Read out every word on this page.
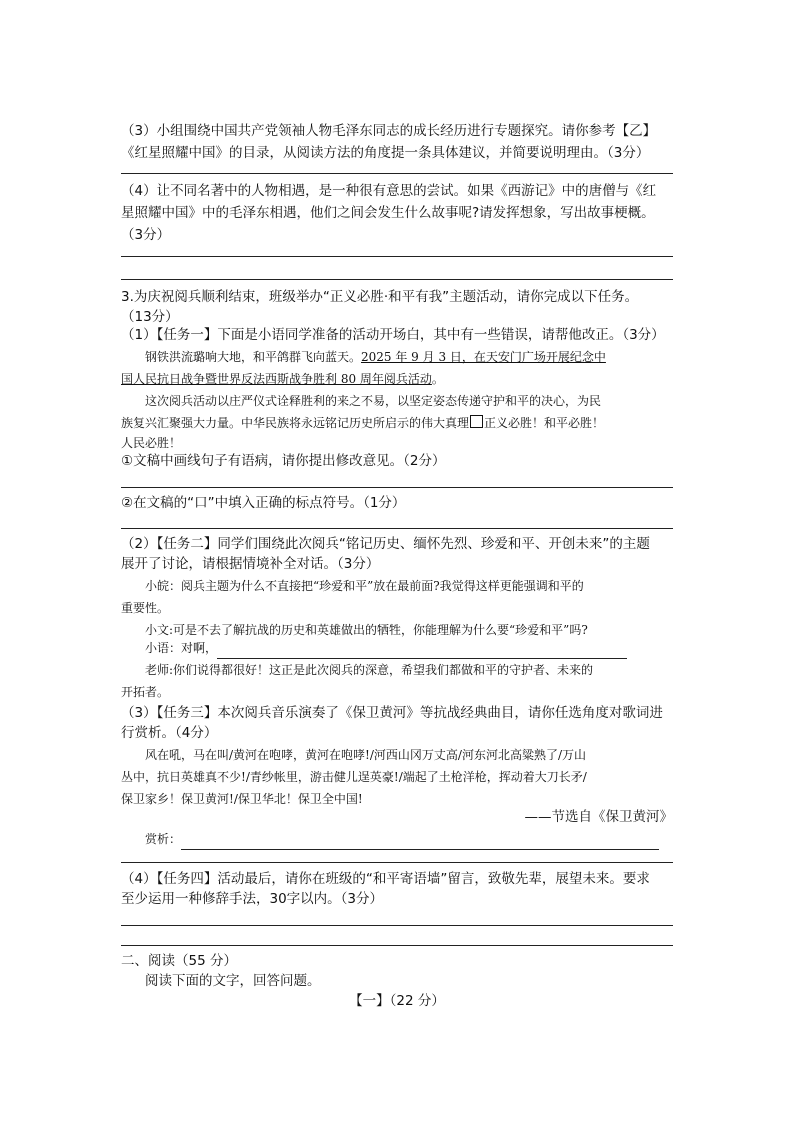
（3）小组围绕中国共产党领袖人物毛泽东同志的成长经历进行专题探究。请你参考【乙】

《红星照耀中国》的目录，从阅读方法的角度提一条具体建议，并简要说明理由。（3分）

（4）让不同名著中的人物相遇，是一种很有意思的尝试。如果《西游记》中的唐僧与《红

星照耀中国》中的毛泽东相遇，他们之间会发生什么故事呢?请发挥想象，写出故事梗概。

（3分）

3.为庆祝阅兵顺利结束，班级举办“正义必胜·和平有我”主题活动，请你完成以下任务。

（13分）

（1）【任务一】下面是小语同学准备的活动开场白，其中有一些错误，请帮他改正。（3分）

钢铁洪流璐响大地，和平鸽群飞向蓝天。2025 年 9 月 3 日，在天安门广场开展纪念中

国人民抗日战争暨世界反法西斯战争胜利 80 周年阅兵活动。

这次阅兵活动以庄严仪式诠释胜利的来之不易，以坚定姿态传递守护和平的决心，为民

族复兴汇聚强大力量。中华民族将永远铭记历史所启示的伟大真理 正义必胜！和平必胜！

人民必胜！

①文稿中画线句子有语病，请你提出修改意见。（2分）

②在文稿的“口”中填入正确的标点符号。（1分）

（2）【任务二】同学们围绕此次阅兵“铭记历史、缅怀先烈、珍爱和平、开创未来”的主题

展开了讨论，请根据情境补全对话。（3分）

小皖：阅兵主题为什么不直接把“珍爱和平”放在最前面?我觉得这样更能强调和平的

重要性。

小文:可是不去了解抗战的历史和英雄做出的牺牲，你能理解为什么要“珍爱和平”吗?

小语：对啊，

老师:你们说得都很好！这正是此次阅兵的深意，希望我们都做和平的守护者、未来的

开拓者。

（3）【任务三】本次阅兵音乐演奏了《保卫黄河》等抗战经典曲目，请你任选角度对歌词进

行赏析。（4分）

风在吼，马在叫/黄河在咆哮，黄河在咆哮!/河西山冈万丈高/河东河北高粱熟了/万山

丛中，抗日英雄真不少!/青纱帐里，游击健儿逞英豪!/端起了土枪洋枪，挥动着大刀长矛/

保卫家乡！保卫黄河!/保卫华北！保卫全中国!

——节选自《保卫黄河》

赏析：

（4）【任务四】活动最后，请你在班级的“和平寄语墙”留言，致敬先辈，展望未来。要求

至少运用一种修辞手法，30字以内。（3分）

二、阅读（55 分）

阅读下面的文字，回答问题。

【一】（22 分）
